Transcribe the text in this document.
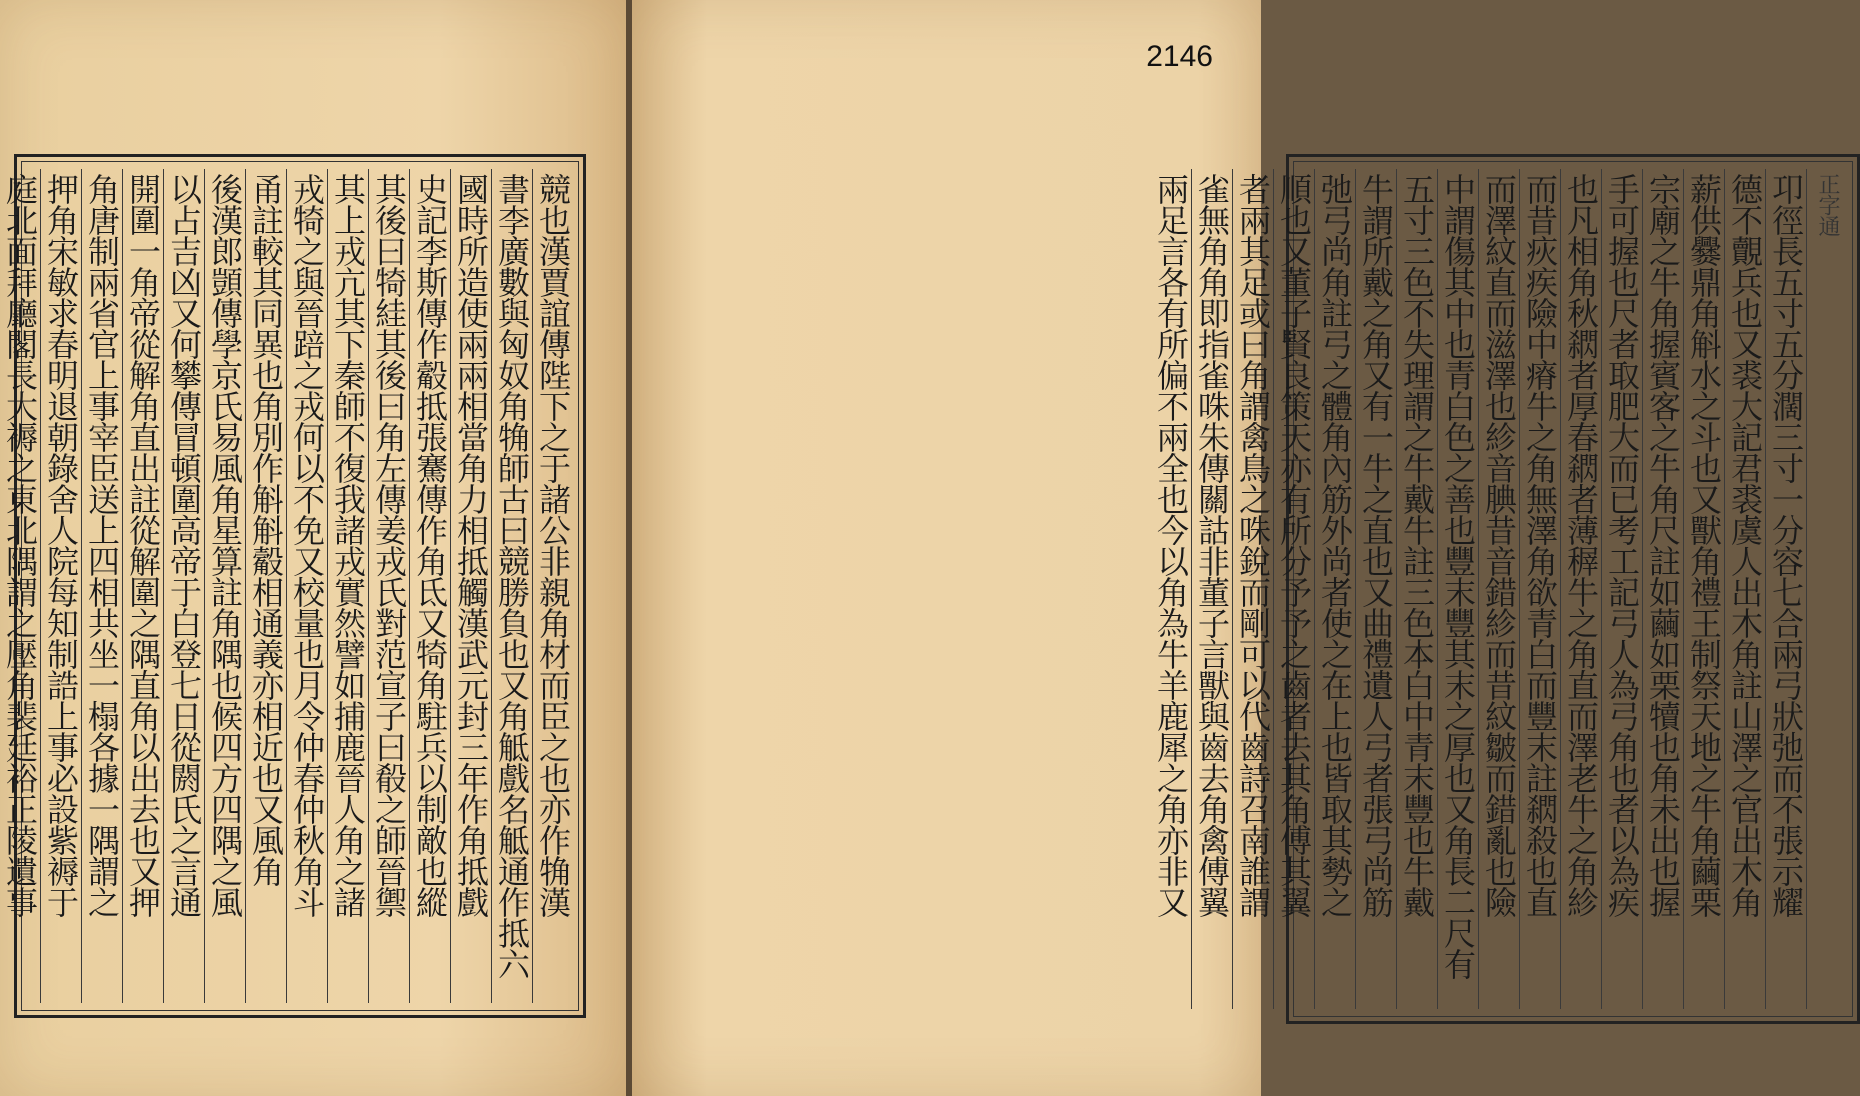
競也漢賈誼傳陛下之于諸公非親角材而臣之也亦作觕漢
書李廣數與匈奴角觕師古曰競勝負也又角觝戲名觝通作抵六
國時所造使兩兩相當角力相抵觸漢武元封三年作角抵戲
史記李斯傳作觳抵張騫傳作角氐又犄角駐兵以制敵也縱
其後曰犄絓其後曰角左傳姜戎氏對范宣子曰殽之師晉禦
其上戎亢其下秦師不復我諸戎實然譬如捕鹿晉人角之諸
戎犄之與晉踣之戎何以不免又校量也月令仲春仲秋角斗
甬註較其同異也角別作斛斛觳相通義亦相近也又風角
後漢郎顗傳學京氏易風角星算註角隅也候四方四隅之風
以占吉凶又何攀傳冒頓圍高帝于白登七日從閼氏之言通
開圍一角帝從解角直出註從解圍之隅直角以出去也又押
角唐制兩省官上事宰臣送上四相共坐一榻各據一隅謂之
押角宋敏求春明退朝錄舍人院每知制誥上事必設紫褥于
庭北面拜廳閣長大褥之東北隅謂之壓角裴廷裕正陵遺事

2146
正字通
卭徑長五寸五分濶三寸一分容七合兩弓狀弛而不張示耀
德不覿兵也又裘大記君裘虞人出木角註山澤之官出木角
薪供爨鼎角斛水之斗也又獸角禮王制祭天地之牛角繭栗
宗廟之牛角握賓客之牛角尺註如繭如栗犢也角未出也握
手可握也尺者取肥大而已考工記弓人為弓角也者以為疾
也凡相角秋閷者厚春閷者薄稺牛之角直而澤老牛之角紾
而昔疢疾險中瘠牛之角無澤角欲青白而豐末註閷殺也直
而澤紋直而滋澤也紾音腆昔音錯紾而昔紋皺而錯亂也險
中謂傷其中也青白色之善也豐末豐其末之厚也又角長二尺有
五寸三色不失理謂之牛戴牛註三色本白中青末豐也牛戴
牛謂所戴之角又有一牛之直也又曲禮遺人弓者張弓尚筋
弛弓尚角註弓之體角內筋外尚者使之在上也皆取其勢之
順也又董子賢良策天亦有所分予予之齒者去其角傅其翼
者兩其足或曰角謂禽鳥之咮銳而剛可以代齒詩召南誰謂
雀無角角即指雀咮朱傳關詁非董子言獸與齒去角禽傅翼
兩足言各有所偏不兩全也今以角為牛羊鹿犀之角亦非又
